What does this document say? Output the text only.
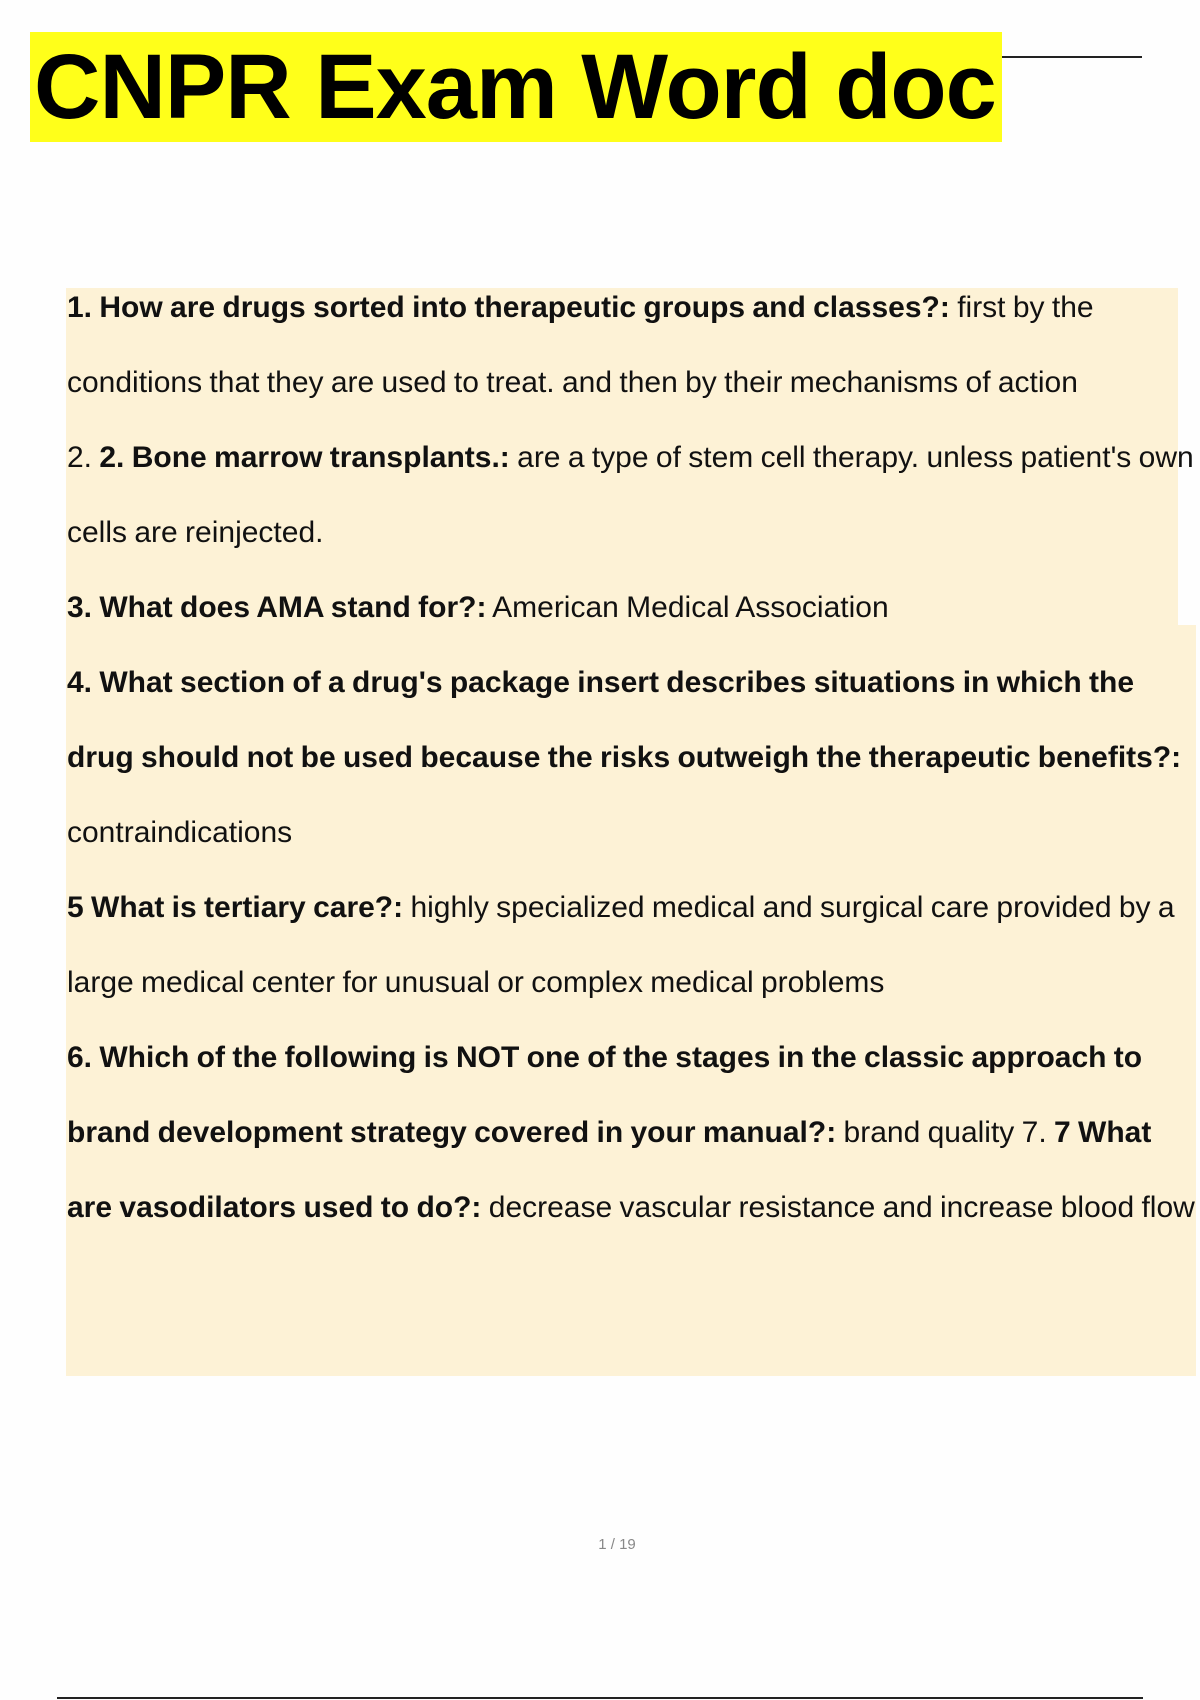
CNPR Exam Word doc

1. How are drugs sorted into therapeutic groups and classes?: first by the conditions that they are used to treat. and then by their mechanisms of action

2. 2. Bone marrow transplants.: are a type of stem cell therapy. unless patient's own cells are reinjected.

3. What does AMA stand for?: American Medical Association

4. What section of a drug's package insert describes situations in which the drug should not be used because the risks outweigh the therapeutic benefits?: contraindications

5 What is tertiary care?: highly specialized medical and surgical care provided by a large medical center for unusual or complex medical problems

6. Which of the following is NOT one of the stages in the classic approach to brand development strategy covered in your manual?: brand quality 7. 7 What are vasodilators used to do?: decrease vascular resistance and increase blood flow

1 / 19
